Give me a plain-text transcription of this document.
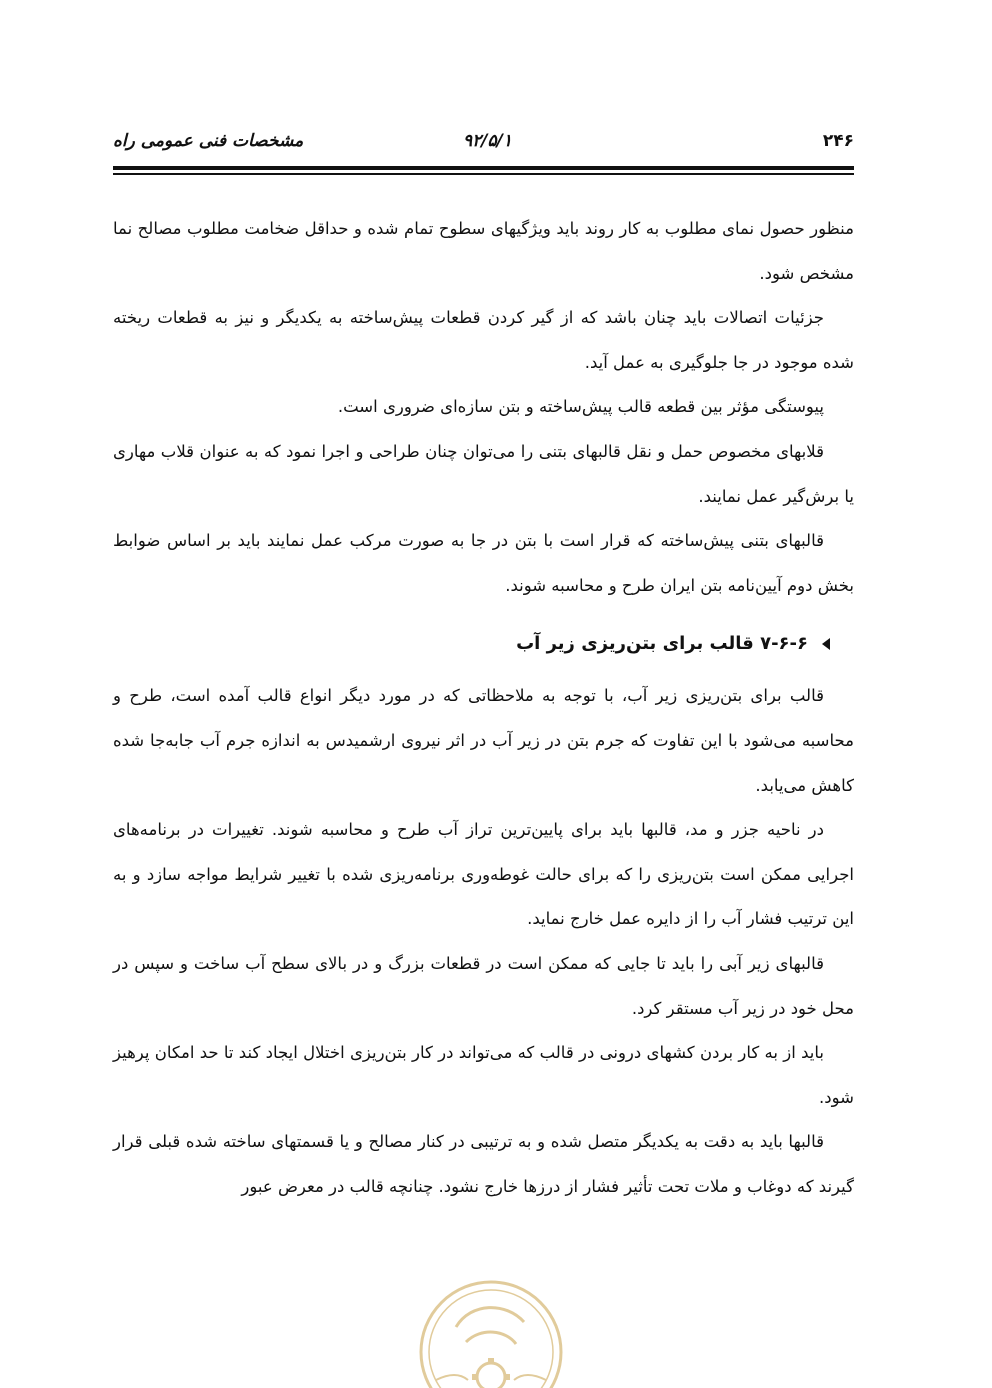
۲۴۶
۹۲/۵/۱
مشخصات فنی عمومی راه

منظور حصول نمای مطلوب به کار روند باید ویژگیهای سطوح تمام شده و حداقل ضخامت مطلوب مصالح نما مشخص شود.

جزئیات اتصالات باید چنان باشد که از گیر کردن قطعات پیش‌ساخته به یکدیگر و نیز به قطعات ریخته شده موجود در جا جلوگیری به عمل آید.

پیوستگی مؤثر بین قطعه قالب پیش‌ساخته و بتن سازه‌ای ضروری است.

قلابهای مخصوص حمل و نقل قالبهای بتنی را می‌توان چنان طراحی و اجرا نمود که به عنوان قلاب مهاری یا برش‌گیر عمل نمایند.

قالبهای بتنی پیش‌ساخته که قرار است با بتن در جا به صورت مرکب عمل نمایند باید بر اساس ضوابط بخش دوم آیین‌نامه بتن ایران طرح و محاسبه شوند.

۷-۶-۶ قالب برای بتن‌ریزی زیر آب

قالب برای بتن‌ریزی زیر آب، با توجه به ملاحظاتی که در مورد دیگر انواع قالب آمده است، طرح و محاسبه می‌شود با این تفاوت که جرم بتن در زیر آب در اثر نیروی ارشمیدس به اندازه جرم آب جابه‌جا شده کاهش می‌یابد.

در ناحیه جزر و مد، قالبها باید برای پایین‌ترین تراز آب طرح و محاسبه شوند. تغییرات در برنامه‌های اجرایی ممکن است بتن‌ریزی را که برای حالت غوطه‌وری برنامه‌ریزی شده با تغییر شرایط مواجه سازد و به این ترتیب فشار آب را از دایره عمل خارج نماید.

قالبهای زیر آبی را باید تا جایی که ممکن است در قطعات بزرگ و در بالای سطح آب ساخت و سپس در محل خود در زیر آب مستقر کرد.

باید از به کار بردن کشهای درونی در قالب که می‌تواند در کار بتن‌ریزی اختلال ایجاد کند تا حد امکان پرهیز شود.

قالبها باید به دقت به یکدیگر متصل شده و به ترتیبی در کنار مصالح و یا قسمتهای ساخته شده قبلی قرار گیرند که دوغاب و ملات تحت تأثیر فشار از درزها خارج نشود. چنانچه قالب در معرض عبور
